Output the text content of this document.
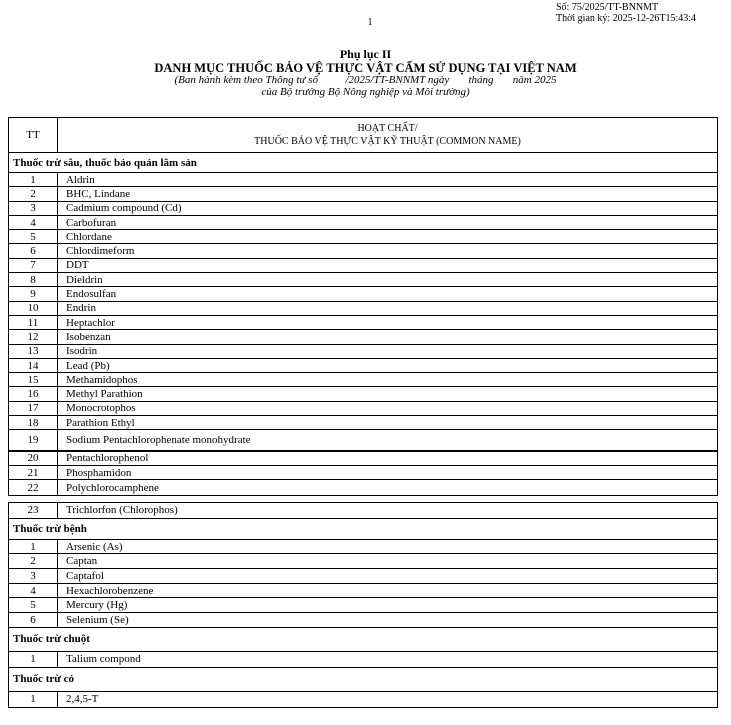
Số: 75/2025/TT-BNNMT
Thời gian ký: 2025-12-26T15:43:4
1
Phụ lục II
DANH MỤC THUỐC BẢO VỆ THỰC VẬT CẤM SỬ DỤNG TẠI VIỆT NAM
(Ban hành kèm theo Thông tư số          /2025/TT-BNNMT ngày       tháng       năm 2025
của Bộ trưởng Bộ Nông nghiệp và Môi trường)
TT
HOẠT CHẤT/
THUỐC BẢO VỆ THỰC VẬT KỸ THUẬT (COMMON NAME)
Thuốc trừ sâu, thuốc bảo quản lâm sản
1	Aldrin
2	BHC, Lindane
3	Cadmium compound (Cd)
4	Carbofuran
5	Chlordane
6	Chlordimeform
7	DDT
8	Dieldrin
9	Endosulfan
10	Endrin
11	Heptachlor
12	Isobenzan
13	Isodrin
14	Lead (Pb)
15	Methamidophos
16	Methyl Parathion
17	Monocrotophos
18	Parathion Ethyl
19	Sodium Pentachlorophenate monohydrate
20	Pentachlorophenol
21	Phosphamidon
22	Polychlorocamphene
23	Trichlorfon (Chlorophos)
Thuốc trừ bệnh
1	Arsenic (As)
2	Captan
3	Captafol
4	Hexachlorobenzene
5	Mercury (Hg)
6	Selenium (Se)
Thuốc trừ chuột
1	Talium compond
Thuốc trừ cỏ
1	2,4,5-T
